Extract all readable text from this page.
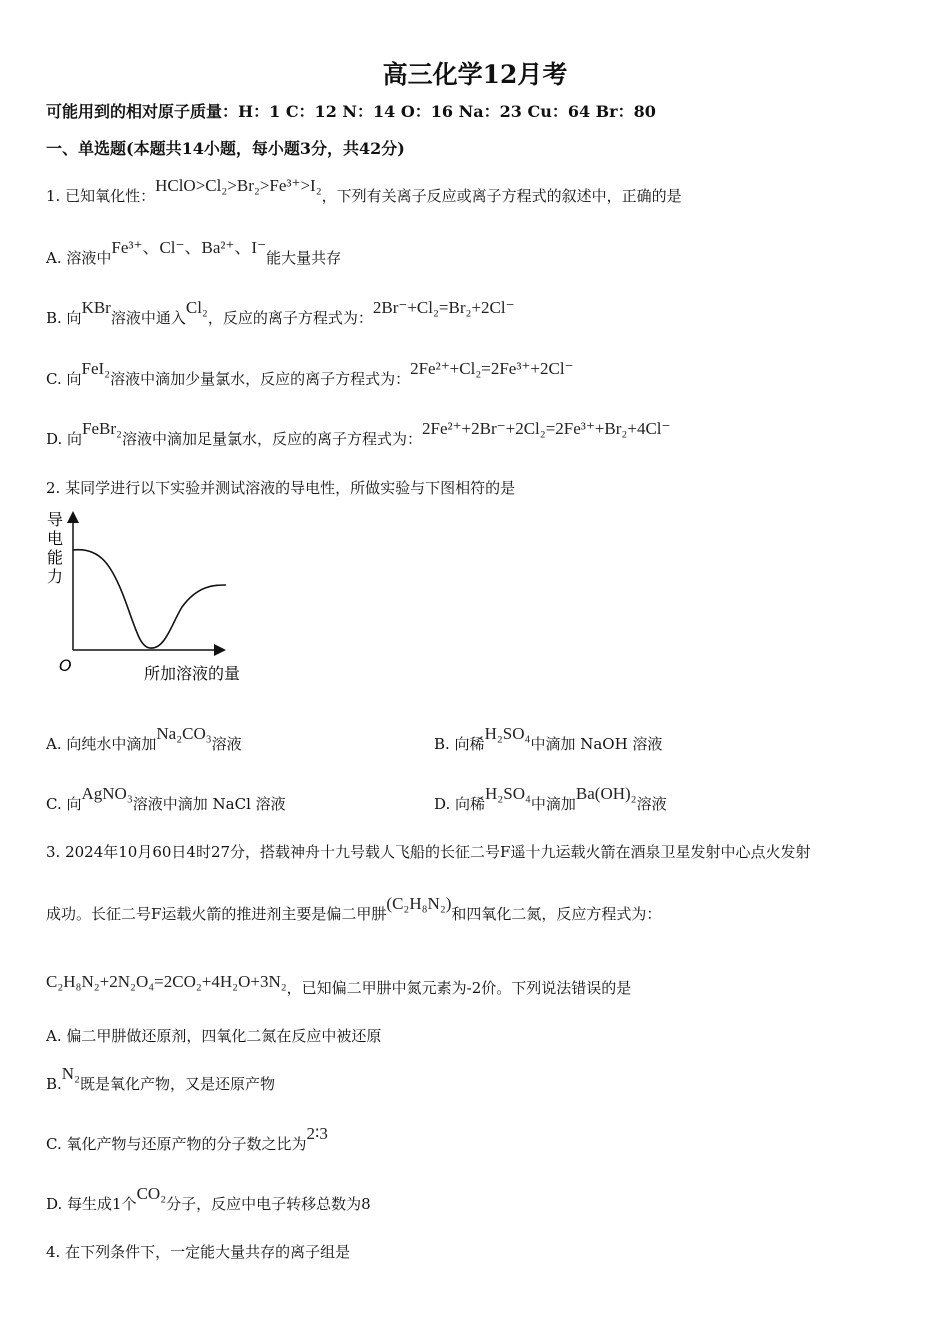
高三化学12月考
可能用到的相对原子质量：H：1 C：12 N：14 O：16 Na：23 Cu：64 Br：80
一、单选题(本题共14小题，每小题3分，共42分)
1. 已知氧化性：HClO>Cl₂>Br₂>Fe³⁺>I₂，下列有关离子反应或离子方程式的叙述中，正确的是
A. 溶液中Fe³⁺、Cl⁻、Ba²⁺、I⁻能大量共存
B. 向KBr溶液中通入Cl₂，反应的离子方程式为：2Br⁻+Cl₂=Br₂+2Cl⁻
C. 向FeI₂溶液中滴加少量氯水，反应的离子方程式为：2Fe²⁺+Cl₂=2Fe³⁺+2Cl⁻
D. 向FeBr₂溶液中滴加足量氯水，反应的离子方程式为：2Fe²⁺+2Br⁻+2Cl₂=2Fe³⁺+Br₂+4Cl⁻
2. 某同学进行以下实验并测试溶液的导电性，所做实验与下图相符的是
导
电
能
力
O	所加溶液的量
A. 向纯水中滴加Na₂CO₃溶液	B. 向稀H₂SO₄中滴加 NaOH 溶液
C. 向AgNO₃溶液中滴加 NaCl 溶液	D. 向稀H₂SO₄中滴加Ba(OH)₂溶液
3. 2024年10月60日4时27分，搭载神舟十九号载人飞船的长征二号F遥十九运载火箭在酒泉卫星发射中心点火发射
成功。长征二号F运载火箭的推进剂主要是偏二甲肼(C₂H₈N₂)和四氧化二氮，反应方程式为：
C₂H₈N₂+2N₂O₄=2CO₂+4H₂O+3N₂，已知偏二甲肼中氮元素为-2价。下列说法错误的是
A. 偏二甲肼做还原剂，四氧化二氮在反应中被还原
B.N₂既是氧化产物，又是还原产物
C. 氧化产物与还原产物的分子数之比为2∶3
D. 每生成1个CO₂分子，反应中电子转移总数为8
4. 在下列条件下，一定能大量共存的离子组是
